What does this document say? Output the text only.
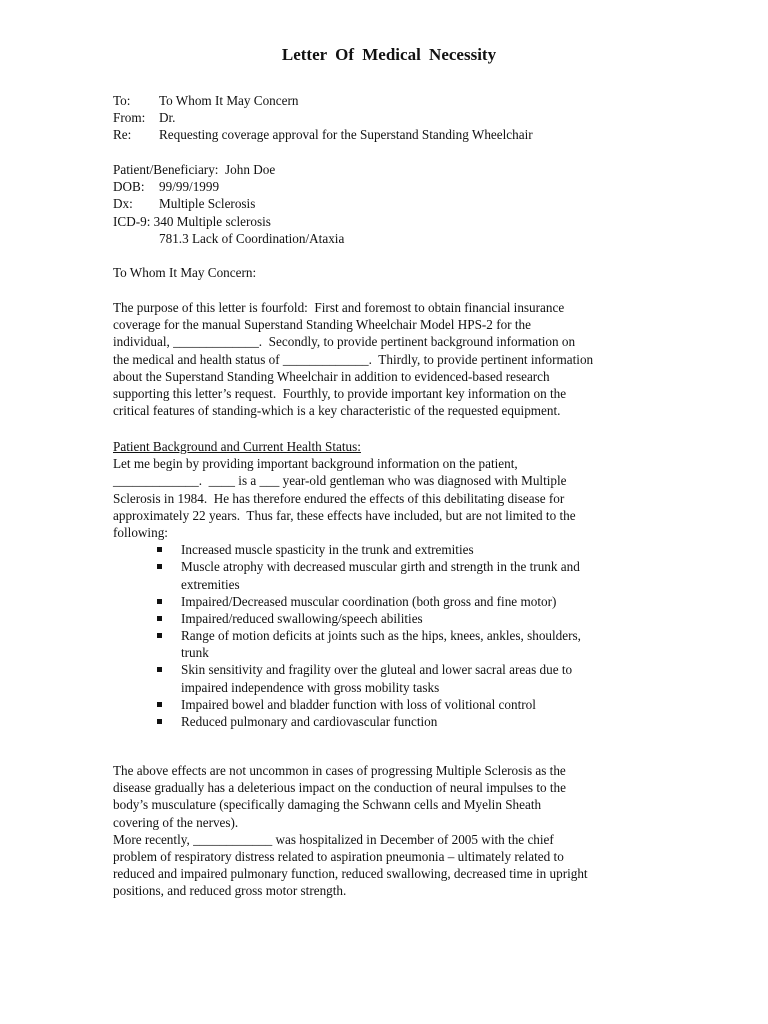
Letter Of Medical Necessity
To: To Whom It May Concern
From: Dr.
Re: Requesting coverage approval for the Superstand Standing Wheelchair
Patient/Beneficiary:  John Doe
DOB: 99/99/1999
Dx: Multiple Sclerosis
ICD-9: 340 Multiple sclerosis
781.3 Lack of Coordination/Ataxia
To Whom It May Concern:
The purpose of this letter is fourfold:  First and foremost to obtain financial insurance
coverage for the manual Superstand Standing Wheelchair Model HPS-2 for the
individual, _____________.  Secondly, to provide pertinent background information on
the medical and health status of _____________.  Thirdly, to provide pertinent information
about the Superstand Standing Wheelchair in addition to evidenced-based research
supporting this letter’s request.  Fourthly, to provide important key information on the
critical features of standing-which is a key characteristic of the requested equipment.
Patient Background and Current Health Status:
Let me begin by providing important background information on the patient,
_____________.  ____ is a ___ year-old gentleman who was diagnosed with Multiple
Sclerosis in 1984.  He has therefore endured the effects of this debilitating disease for
approximately 22 years.  Thus far, these effects have included, but are not limited to the
following:
Increased muscle spasticity in the trunk and extremities
Muscle atrophy with decreased muscular girth and strength in the trunk and
extremities
Impaired/Decreased muscular coordination (both gross and fine motor)
Impaired/reduced swallowing/speech abilities
Range of motion deficits at joints such as the hips, knees, ankles, shoulders,
trunk
Skin sensitivity and fragility over the gluteal and lower sacral areas due to
impaired independence with gross mobility tasks
Impaired bowel and bladder function with loss of volitional control
Reduced pulmonary and cardiovascular function
The above effects are not uncommon in cases of progressing Multiple Sclerosis as the
disease gradually has a deleterious impact on the conduction of neural impulses to the
body’s musculature (specifically damaging the Schwann cells and Myelin Sheath
covering of the nerves).
More recently, ____________ was hospitalized in December of 2005 with the chief
problem of respiratory distress related to aspiration pneumonia – ultimately related to
reduced and impaired pulmonary function, reduced swallowing, decreased time in upright
positions, and reduced gross motor strength.
